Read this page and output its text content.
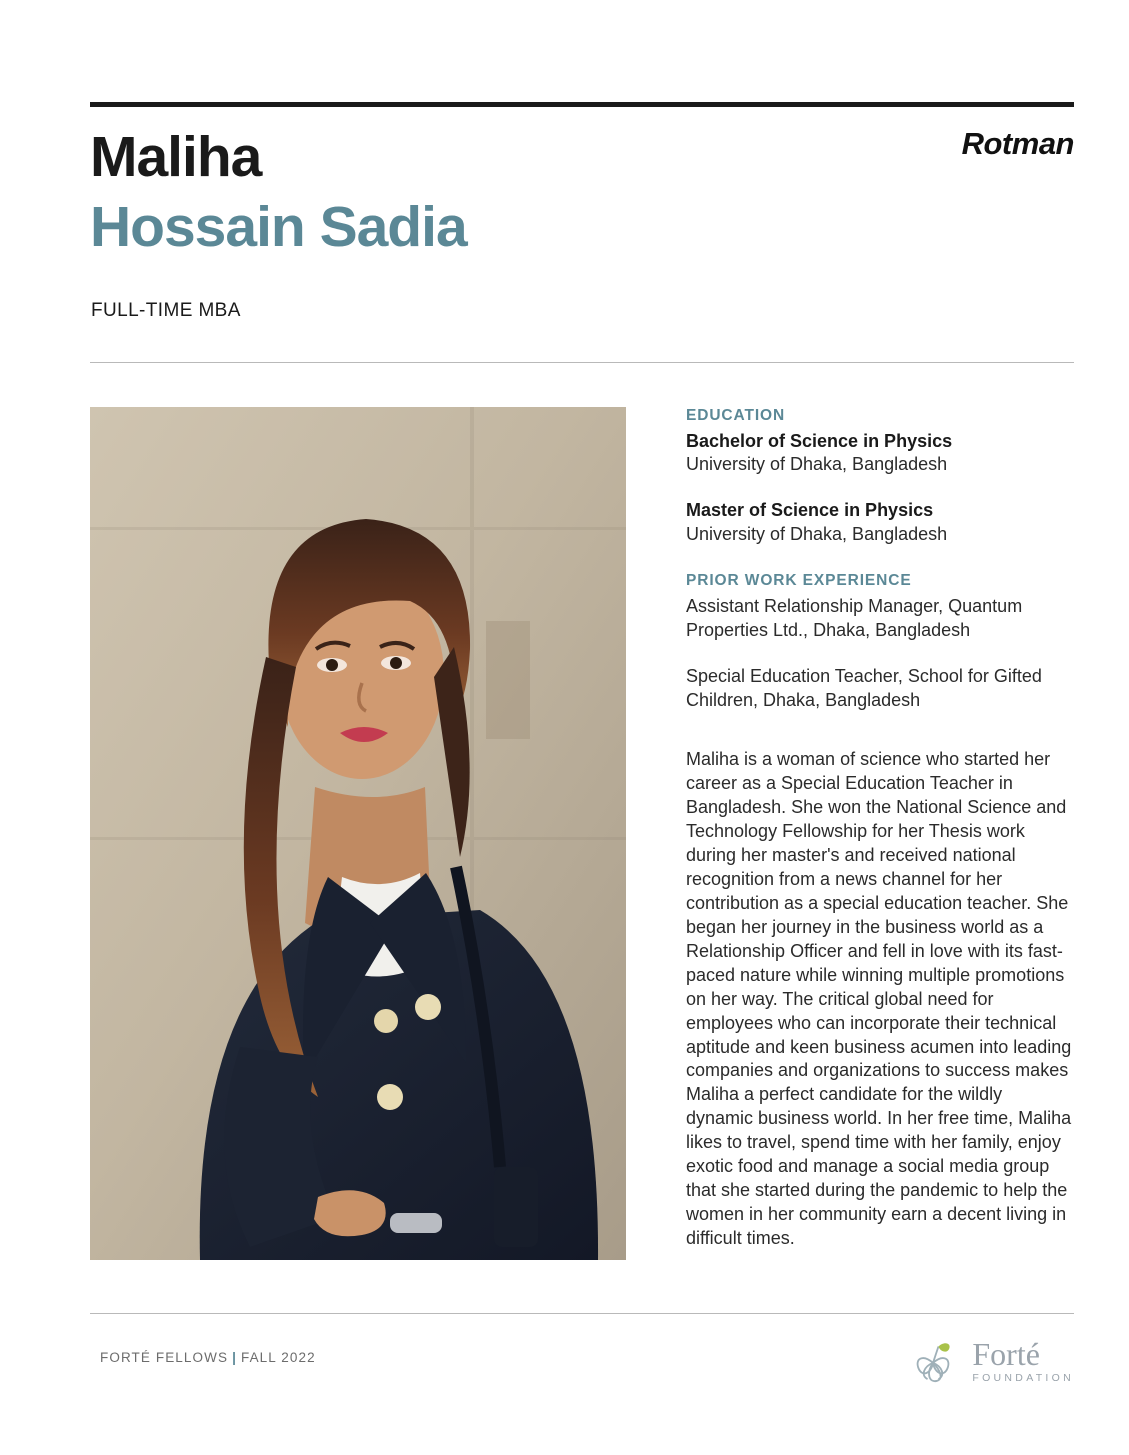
Rotman
Maliha
Hossain Sadia
FULL-TIME MBA
EDUCATION
Bachelor of Science in Physics
University of Dhaka, Bangladesh
Master of Science in Physics
University of Dhaka, Bangladesh
PRIOR WORK EXPERIENCE
Assistant Relationship Manager, Quantum Properties Ltd., Dhaka, Bangladesh
Special Education Teacher, School for Gifted Children, Dhaka, Bangladesh
Maliha is a woman of science who started her career as a Special Education Teacher in Bangladesh. She won the National Science and Technology Fellowship for her Thesis work during her master's and received national recognition from a news channel for her contribution as a special education teacher. She began her journey in the business world as a Relationship Officer and fell in love with its fast-paced nature while winning multiple promotions on her way. The critical global need for employees who can incorporate their technical aptitude and keen business acumen into leading companies and organizations to success makes Maliha a perfect candidate for the wildly dynamic business world. In her free time, Maliha likes to travel, spend time with her family, enjoy exotic food and manage a social media group that she started during the pandemic to help the women in her community earn a decent living in difficult times.
FORTÉ FELLOWS | FALL 2022	Forté
FOUNDATION
